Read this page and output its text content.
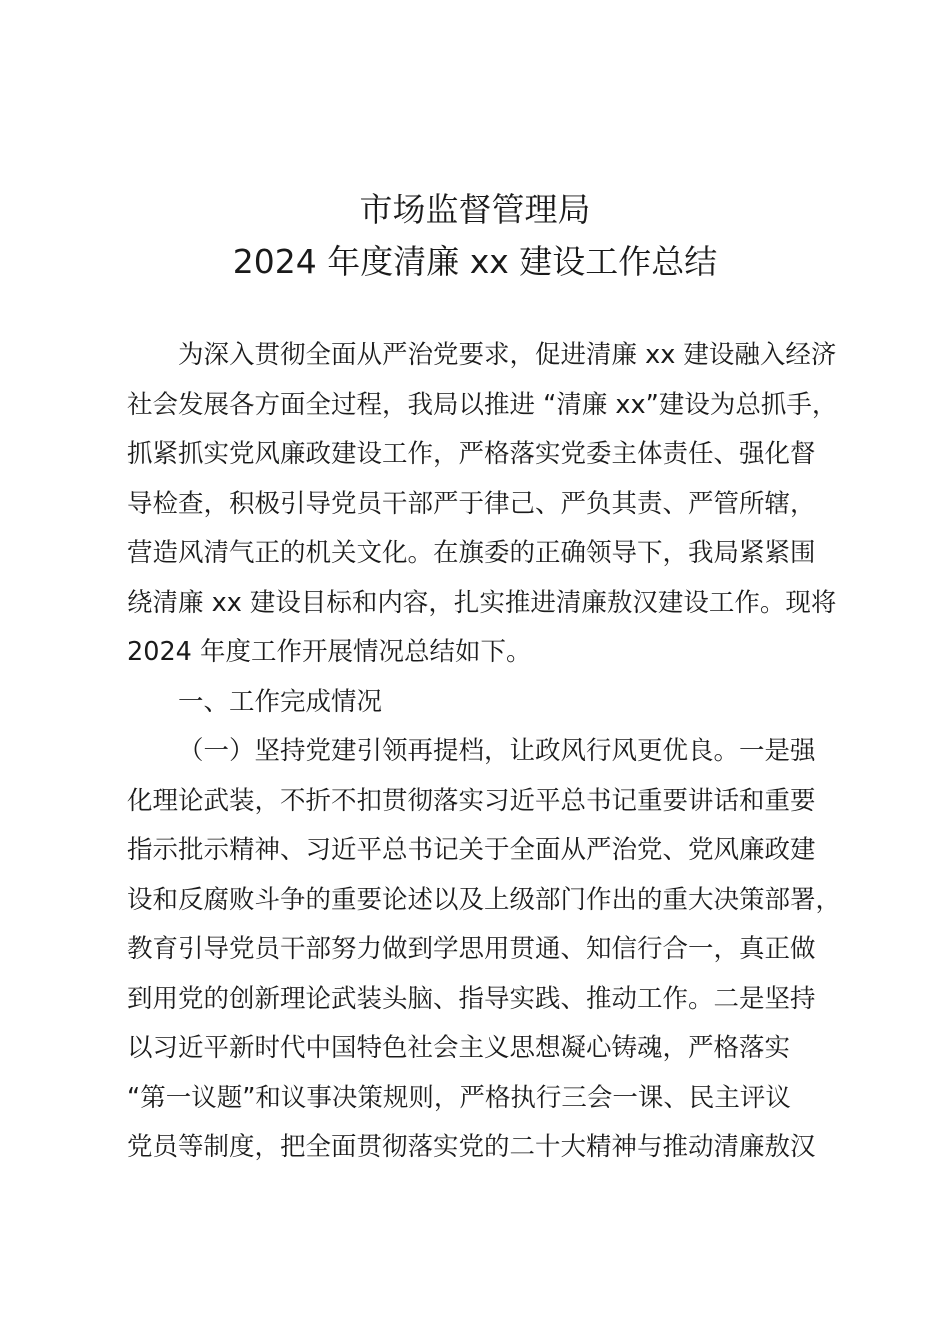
市场监督管理局
2024 年度清廉 xx 建设工作总结

为深入贯彻全面从严治党要求，促进清廉 xx 建设融入经济
社会发展各方面全过程，我局以推进 “清廉 xx”建设为总抓手，
抓紧抓实党风廉政建设工作，严格落实党委主体责任、强化督
导检查，积极引导党员干部严于律己、严负其责、严管所辖，
营造风清气正的机关文化。在旗委的正确领导下，我局紧紧围
绕清廉 xx 建设目标和内容，扎实推进清廉敖汉建设工作。现将
2024 年度工作开展情况总结如下。

一、工作完成情况

（一）坚持党建引领再提档，让政风行风更优良。一是强
化理论武装，不折不扣贯彻落实习近平总书记重要讲话和重要
指示批示精神、习近平总书记关于全面从严治党、党风廉政建
设和反腐败斗争的重要论述以及上级部门作出的重大决策部署，
教育引导党员干部努力做到学思用贯通、知信行合一，真正做
到用党的创新理论武装头脑、指导实践、推动工作。二是坚持
以习近平新时代中国特色社会主义思想凝心铸魂，严格落实
“第一议题”和议事决策规则，严格执行三会一课、民主评议
党员等制度，把全面贯彻落实党的二十大精神与推动清廉敖汉
